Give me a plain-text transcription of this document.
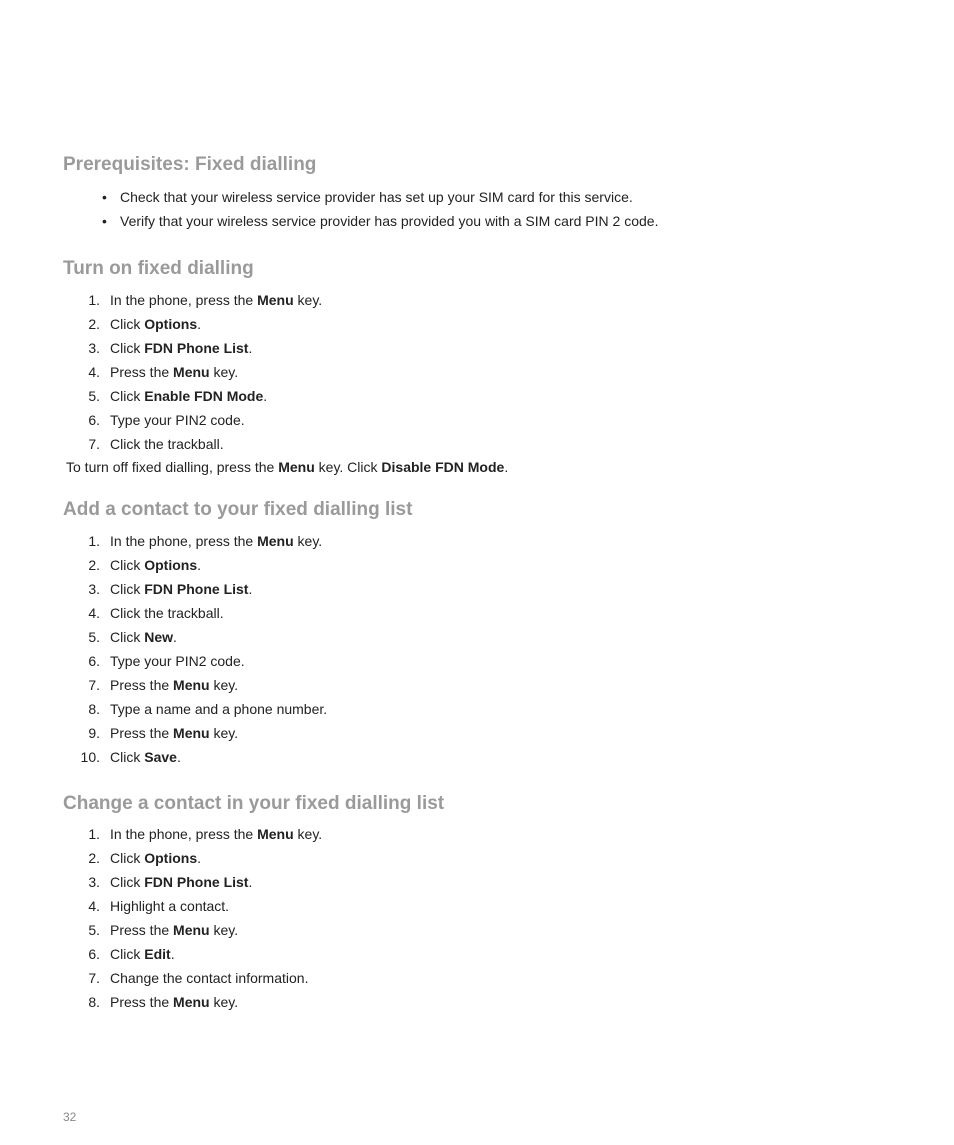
Prerequisites: Fixed dialling
• Check that your wireless service provider has set up your SIM card for this service.
• Verify that your wireless service provider has provided you with a SIM card PIN 2 code.
Turn on fixed dialling
1. In the phone, press the Menu key.
2. Click Options.
3. Click FDN Phone List.
4. Press the Menu key.
5. Click Enable FDN Mode.
6. Type your PIN2 code.
7. Click the trackball.

To turn off fixed dialling, press the Menu key. Click Disable FDN Mode.

Add a contact to your fixed dialling list
1. In the phone, press the Menu key.
2. Click Options.
3. Click FDN Phone List.
4. Click the trackball.
5. Click New.
6. Type your PIN2 code.
7. Press the Menu key.
8. Type a name and a phone number.
9. Press the Menu key.
10. Click Save.
Change a contact in your fixed dialling list
1. In the phone, press the Menu key.
2. Click Options.
3. Click FDN Phone List.
4. Highlight a contact.
5. Press the Menu key.
6. Click Edit.
7. Change the contact information.
8. Press the Menu key.
32
